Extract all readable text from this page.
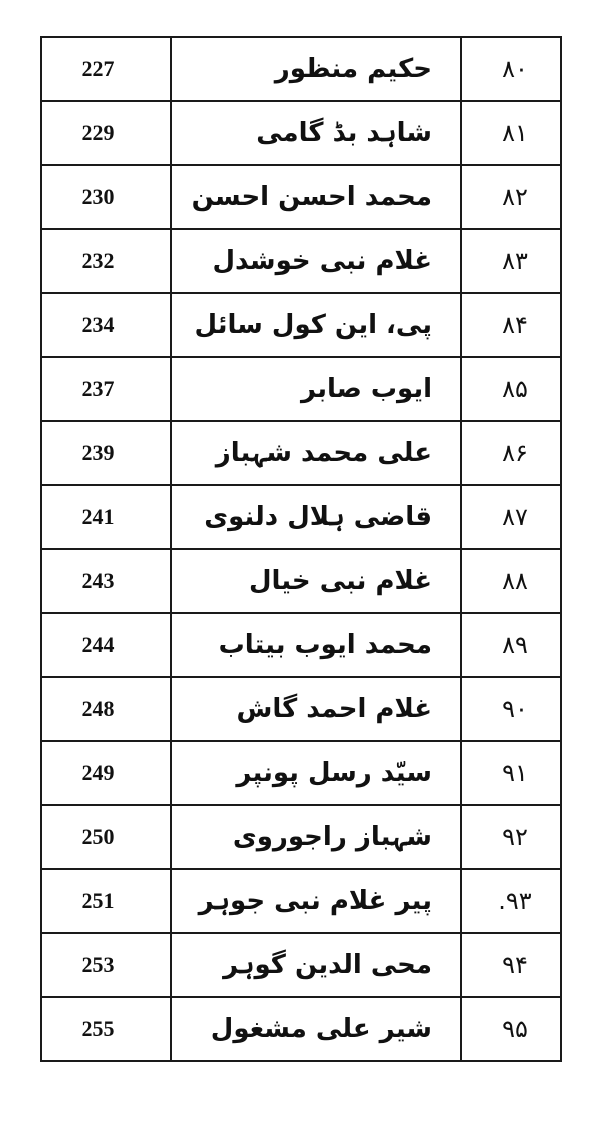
227	حکیم منظور	۸۰
229	شاہد بڈ گامی	۸۱
230	محمد احسن احسن	۸۲
232	غلام نبی خوشدل	۸۳
234	پی، این کول سائل	۸۴
237	ایوب صابر	۸۵
239	علی محمد شہباز	۸۶
241	قاضی ہلال دلنوی	۸۷
243	غلام نبی خیال	۸۸
244	محمد ایوب بیتاب	۸۹
248	غلام احمد گاش	۹۰
249	سیّد رسل پونپر	۹۱
250	شہباز راجوروی	۹۲
251	پیر غلام نبی جوہر	.۹۳
253	محی الدین گوہر	۹۴
255	شیر علی مشغول	۹۵
